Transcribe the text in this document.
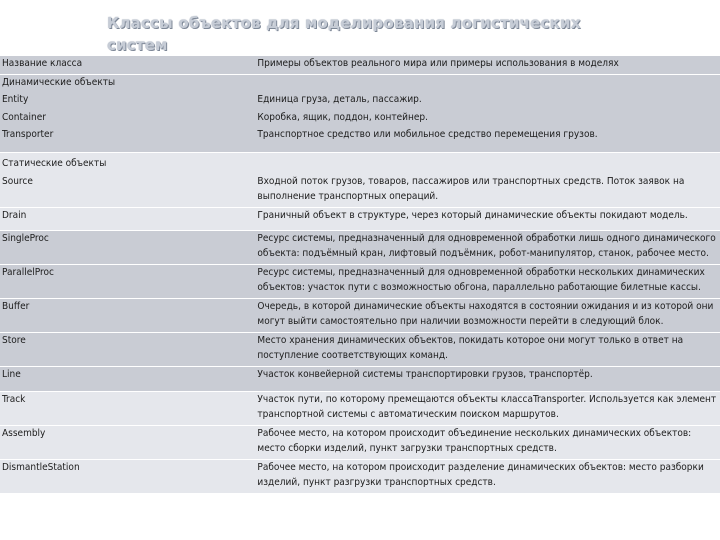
Классы объектов для моделирования логистических систем
Название класса	Примеры объектов реального мира или примеры использования в моделях
Динамические объекты	
Entity	Единица груза, деталь, пассажир.
Container	Коробка, ящик, поддон, контейнер.
Transporter	Транспортное средство или мобильное средство перемещения грузов.
Статические объекты	
Source	Входной поток грузов, товаров, пассажиров или транспортных средств. Поток заявок на выполнение транспортных операций.
Drain	Граничный объект в структуре, через который динамические объекты покидают модель.
SingleProc	Ресурс системы, предназначенный для одновременной обработки лишь одного динамического объекта: подъёмный кран, лифтовый подъёмник, робот-манипулятор, станок, рабочее место.
ParallelProc	Ресурс системы, предназначенный для одновременной обработки нескольких динамических объектов: участок пути с возможностью обгона, параллельно работающие билетные кассы.
Buffer	Очередь, в которой динамические объекты находятся в состоянии ожидания и из которой они могут выйти самостоятельно при наличии возможности перейти в следующий блок.
Store	Место хранения динамических объектов, покидать которое они могут только в ответ на поступление соответствующих команд.
Line	Участок конвейерной системы транспортировки грузов, транспортёр.
Track	Участок пути, по которому премещаются объекты классаTransporter. Используется как элемент транспортной системы с автоматическим поиском маршрутов.
Assembly	Рабочее место, на котором происходит объединение нескольких динамических объектов: место сборки изделий, пункт загрузки транспортных средств.
DismantleStation	Рабочее место, на котором происходит разделение динамических объектов: место разборки изделий, пункт разгрузки транспортных средств.
